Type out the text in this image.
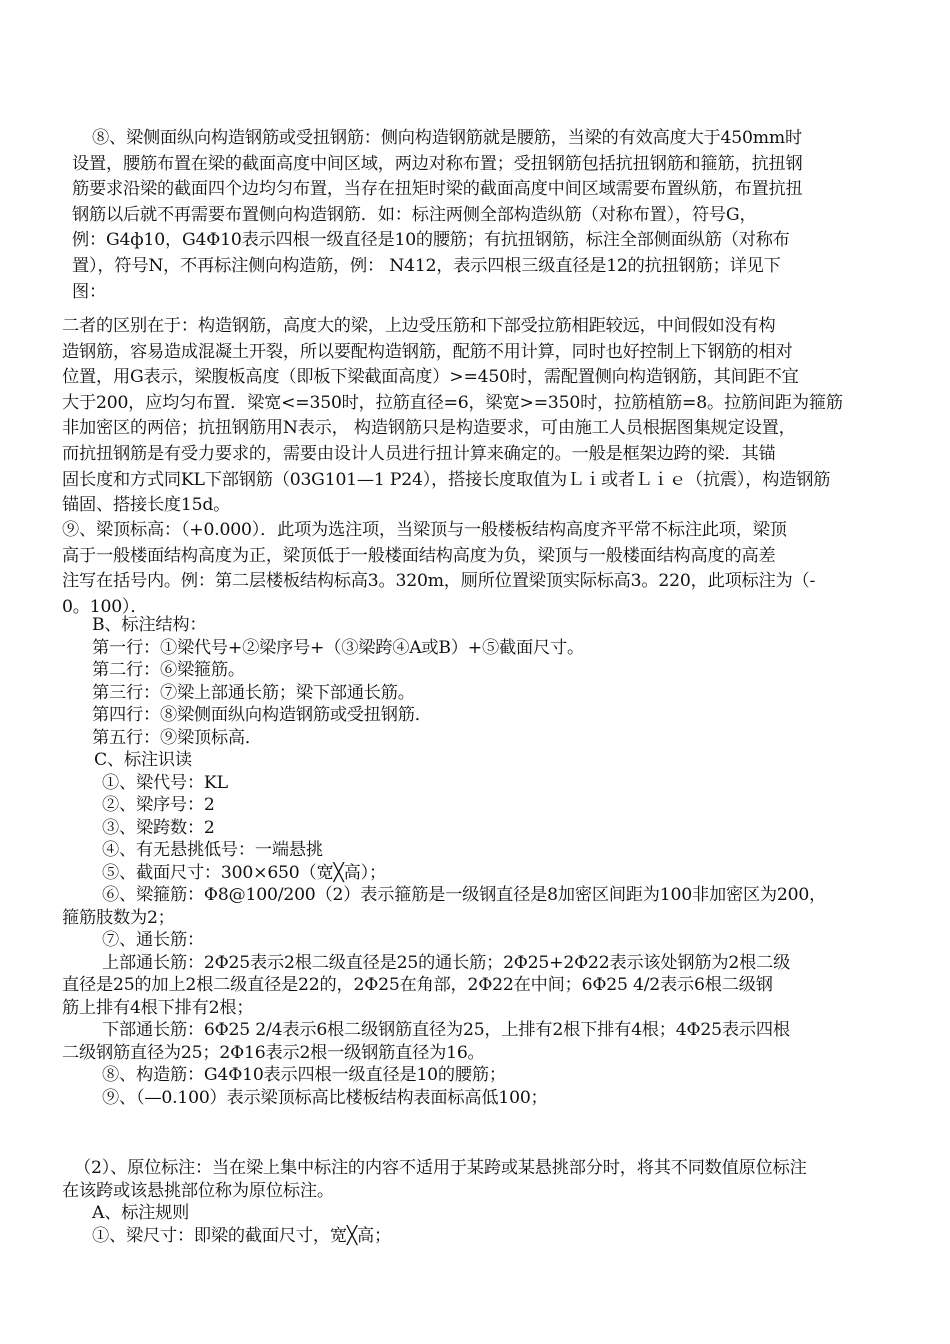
⑧、梁侧面纵向构造钢筋或受扭钢筋：侧向构造钢筋就是腰筋，当梁的有效高度大于450mm时
设置，腰筋布置在梁的截面高度中间区域，两边对称布置；受扭钢筋包括抗扭钢筋和箍筋，抗扭钢
筋要求沿梁的截面四个边均匀布置，当存在扭矩时梁的截面高度中间区域需要布置纵筋，布置抗扭
钢筋以后就不再需要布置侧向构造钢筋．如：标注两侧全部构造纵筋（对称布置），符号G，
例：G4ф10，G4Φ10表示四根一级直径是10的腰筋；有抗扭钢筋，标注全部侧面纵筋（对称布
置），符号N，不再标注侧向构造筋，例： N412，表示四根三级直径是12的抗扭钢筋；详见下
图：
二者的区别在于：构造钢筋，高度大的梁，上边受压筋和下部受拉筋相距较远，中间假如没有构
造钢筋，容易造成混凝土开裂，所以要配构造钢筋，配筋不用计算，同时也好控制上下钢筋的相对
位置，用G表示，梁腹板高度（即板下梁截面高度）>=450时，需配置侧向构造钢筋，其间距不宜
大于200，应均匀布置．梁宽<=350时，拉筋直径=6，梁宽>=350时，拉筋植筋=8。拉筋间距为箍筋
非加密区的两倍；抗扭钢筋用N表示， 构造钢筋只是构造要求，可由施工人员根据图集规定设置，
而抗扭钢筋是有受力要求的，需要由设计人员进行扭计算来确定的。一般是框架边跨的梁．其锚
固长度和方式同KL下部钢筋（03G101—1 P24），搭接长度取值为Ｌｉ或者Ｌｉｅ（抗震），构造钢筋
锚固、搭接长度15d。
⑨、梁顶标高：（+0.000）．此项为选注项，当梁顶与一般楼板结构高度齐平常不标注此项，梁顶
高于一般楼面结构高度为正，梁顶低于一般楼面结构高度为负，梁顶与一般楼面结构高度的高差
注写在括号内。例：第二层楼板结构标高3。320m，厕所位置梁顶实际标高3。220，此项标注为（-
0。100）．
B、标注结构：
第一行：①梁代号+②梁序号+（③梁跨④A或B）+⑤截面尺寸。
第二行：⑥梁箍筋。
第三行：⑦梁上部通长筋；梁下部通长筋。
第四行：⑧梁侧面纵向构造钢筋或受扭钢筋．
第五行：⑨梁顶标高．
C、标注识读
①、梁代号：KL
②、梁序号：2
③、梁跨数：2
④、有无悬挑低号：一端悬挑
⑤、截面尺寸：300×650（宽╳高）；
⑥、梁箍筋：Φ8@100/200（2）表示箍筋是一级钢直径是8加密区间距为100非加密区为200，
箍筋肢数为2；
⑦、通长筋：
上部通长筋：2Φ25表示2根二级直径是25的通长筋；2Φ25+2Φ22表示该处钢筋为2根二级
直径是25的加上2根二级直径是22的，2Φ25在角部，2Φ22在中间；6Φ25 4/2表示6根二级钢
筋上排有4根下排有2根；
下部通长筋：6Φ25 2/4表示6根二级钢筋直径为25，上排有2根下排有4根；4Φ25表示四根
二级钢筋直径为25；2Φ16表示2根一级钢筋直径为16。
⑧、构造筋：G4Φ10表示四根一级直径是10的腰筋；
⑨、（—0.100）表示梁顶标高比楼板结构表面标高低100；
（2）、原位标注：当在梁上集中标注的内容不适用于某跨或某悬挑部分时，将其不同数值原位标注
在该跨或该悬挑部位称为原位标注。
A、标注规则
①、梁尺寸：即梁的截面尺寸，宽╳高；
